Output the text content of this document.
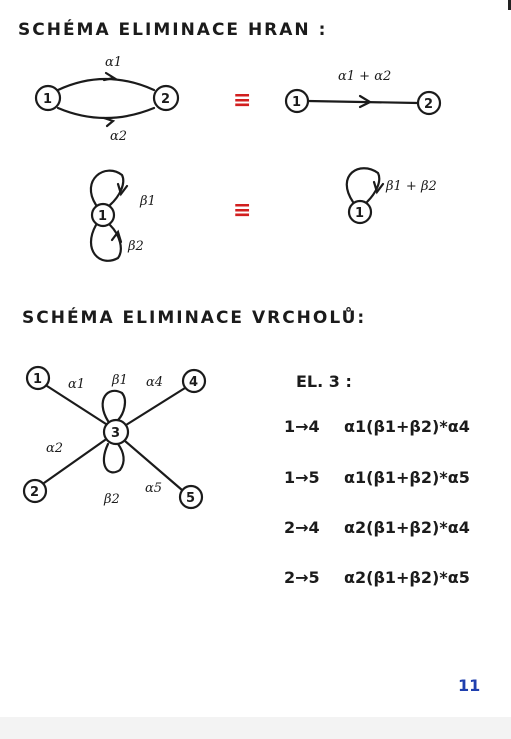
SCHÉMA ELIMINACE HRAN :
1	2
α1
α2
1	2
α1 + α2
1
β1
β2
1
β1 + β2
1
2
3
4
5
α1
α2
α4
α5
β1
β2
≡
≡
SCHÉMA ELIMINACE VRCHOLŮ:
EL. 3 :
1→4 α1(β1+β2)*α4
1→5 α1(β1+β2)*α5
2→4 α2(β1+β2)*α4
2→5 α2(β1+β2)*α5
11
